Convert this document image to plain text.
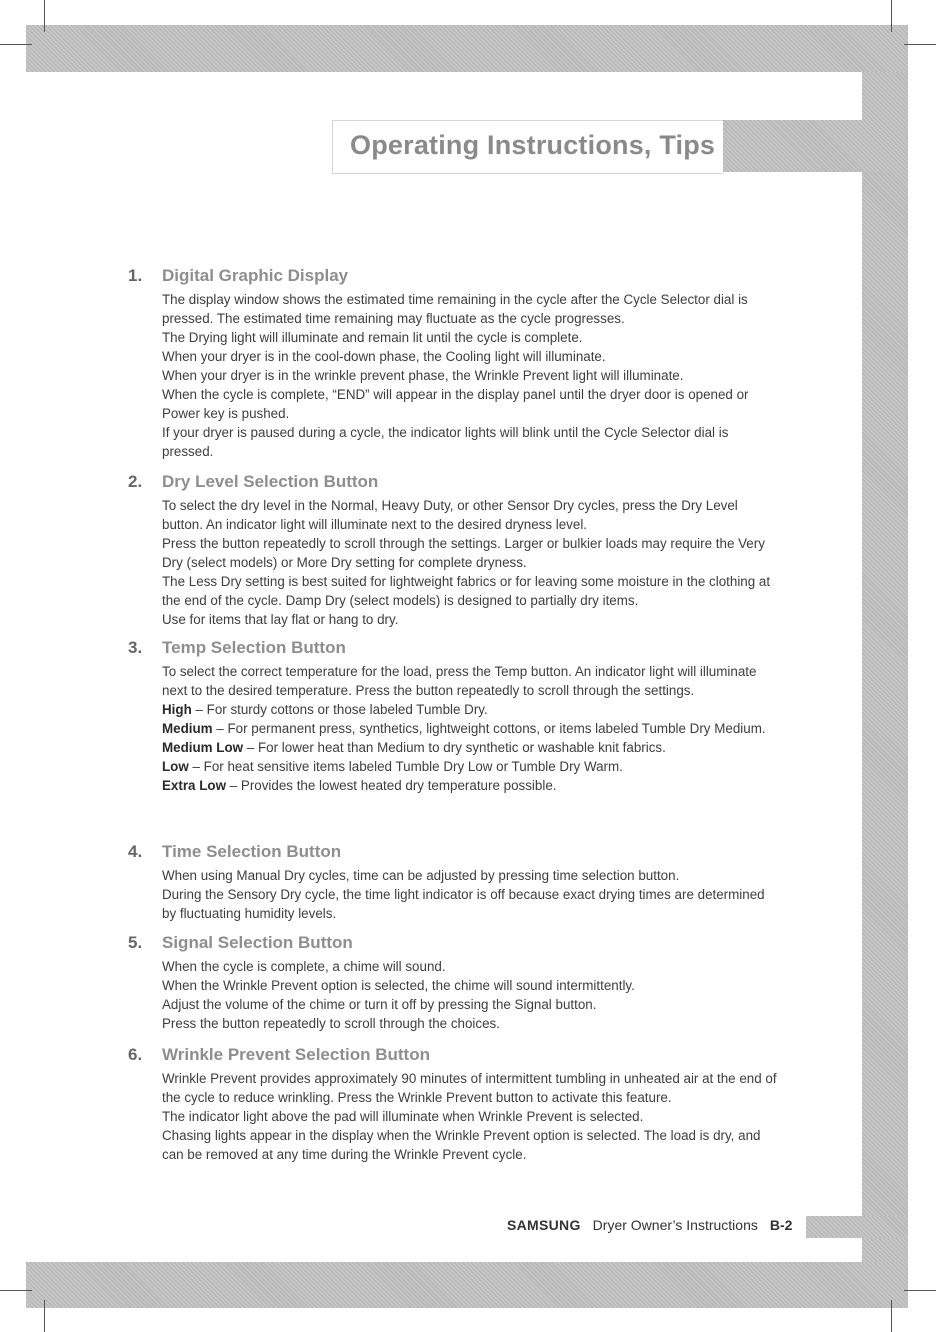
Operating Instructions, Tips
1.	Digital Graphic Display

The display window shows the estimated time remaining in the cycle after the Cycle Selector dial is pressed. The estimated time remaining may fluctuate as the cycle progresses.

The Drying light will illuminate and remain lit until the cycle is complete.

When your dryer is in the cool-down phase, the Cooling light will illuminate.

When your dryer is in the wrinkle prevent phase, the Wrinkle Prevent light will illuminate.

When the cycle is complete, “END” will appear in the display panel until the dryer door is opened or Power key is pushed.

If your dryer is paused during a cycle, the indicator lights will blink until the Cycle Selector dial is pressed.

2.	Dry Level Selection Button

To select the dry level in the Normal, Heavy Duty, or other Sensor Dry cycles, press the Dry Level button. An indicator light will illuminate next to the desired dryness level.

Press the button repeatedly to scroll through the settings. Larger or bulkier loads may require the Very Dry (select models) or More Dry setting for complete dryness.

The Less Dry setting is best suited for lightweight fabrics or for leaving some moisture in the clothing at the end of the cycle. Damp Dry (select models) is designed to partially dry items.

Use for items that lay flat or hang to dry.

3.	Temp Selection Button

To select the correct temperature for the load, press the Temp button. An indicator light will illuminate next to the desired temperature. Press the button repeatedly to scroll through the settings.

High – For sturdy cottons or those labeled Tumble Dry.

Medium – For permanent press, synthetics, lightweight cottons, or items labeled Tumble Dry Medium.

Medium Low – For lower heat than Medium to dry synthetic or washable knit fabrics.

Low – For heat sensitive items labeled Tumble Dry Low or Tumble Dry Warm.

Extra Low – Provides the lowest heated dry temperature possible.

4.	Time Selection Button

When using Manual Dry cycles, time can be adjusted by pressing time selection button.

During the Sensory Dry cycle, the time light indicator is off because exact drying times are determined by fluctuating humidity levels.

5.	Signal Selection Button

When the cycle is complete, a chime will sound.

When the Wrinkle Prevent option is selected, the chime will sound intermittently.

Adjust the volume of the chime or turn it off by pressing the Signal button.

Press the button repeatedly to scroll through the choices.

6.	Wrinkle Prevent Selection Button

Wrinkle Prevent provides approximately 90 minutes of intermittent tumbling in unheated air at the end of the cycle to reduce wrinkling. Press the Wrinkle Prevent button to activate this feature.

The indicator light above the pad will illuminate when Wrinkle Prevent is selected.

Chasing lights appear in the display when the Wrinkle Prevent option is selected. The load is dry, and can be removed at any time during the Wrinkle Prevent cycle.

SAMSUNG Dryer Owner’s Instructions B-2
